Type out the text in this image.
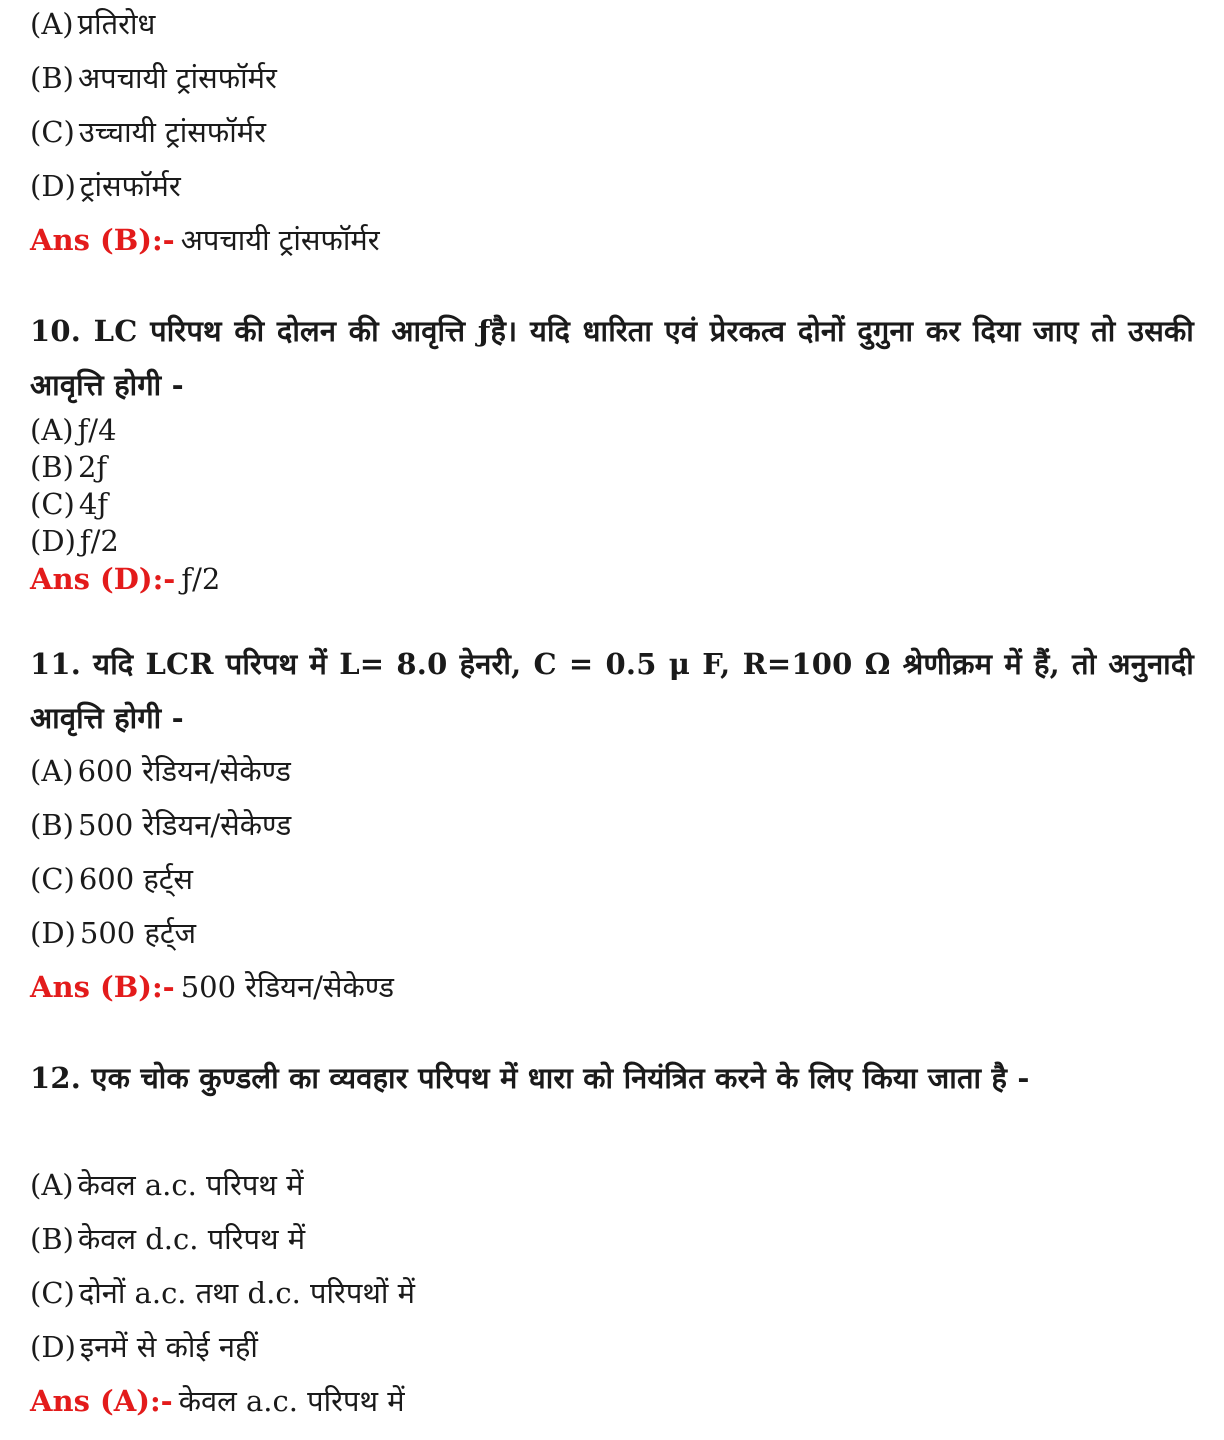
(A) प्रतिरोध
(B) अपचायी ट्रांसफॉर्मर
(C) उच्चायी ट्रांसफॉर्मर
(D) ट्रांसफॉर्मर
Ans (B):- अपचायी ट्रांसफॉर्मर
10. LC परिपथ की दोलन की आवृत्ति ƒहै। यदि धारिता एवं प्रेरकत्व दोनों दुगुना कर दिया जाए तो उसकी आवृत्ति होगी -
(A) ƒ/4
(B) 2ƒ
(C) 4ƒ
(D) ƒ/2
Ans (D):- ƒ/2
11. यदि LCR परिपथ में L= 8.0 हेनरी, C = 0.5 μ F, R=100 Ω श्रेणीक्रम में हैं, तो अनुनादी आवृत्ति होगी -
(A) 600 रेडियन/सेकेण्ड
(B) 500 रेडियन/सेकेण्ड
(C) 600 हर्ट्स
(D) 500 हर्ट्ज
Ans (B):- 500 रेडियन/सेकेण्ड
12. एक चोक कुण्डली का व्यवहार परिपथ में धारा को नियंत्रित करने के लिए किया जाता है -
(A) केवल a.c. परिपथ में
(B) केवल d.c. परिपथ में
(C) दोनों a.c. तथा d.c. परिपथों में
(D) इनमें से कोई नहीं
Ans (A):- केवल a.c. परिपथ में
